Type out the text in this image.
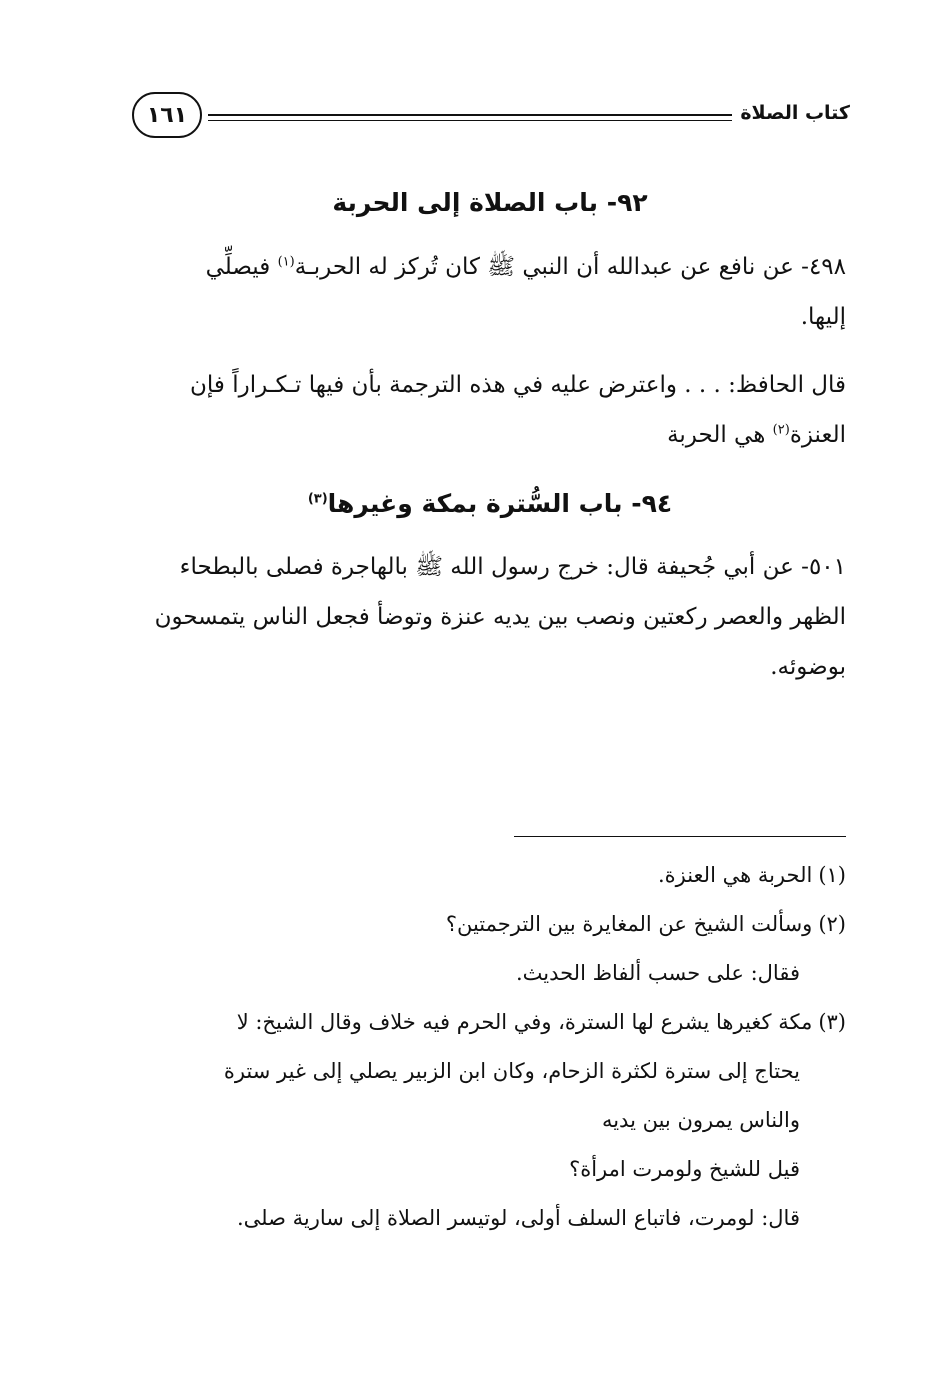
كتاب الصلاة
١٦١
٩٢- باب الصلاة إلى الحربة

٤٩٨- عن نافع عن عبدالله أن النبي ﷺ كان تُركز له الحربـة$^{(١)}$ فيصلِّي
إليها.

قال الحافظ: . . . واعترض عليه في هذه الترجمة بأن فيها تـكـراراً فإن
العنزة$^{(٢)}$ هي الحربة

٩٤- باب السُّترة بمكة وغيرها$^{(٣)}$

٥٠١- عن أبي جُحيفة قال: خرج رسول الله ﷺ بالهاجرة فصلى بالبطحاء
الظهر والعصر ركعتين ونصب بين يديه عنزة وتوضأ فجعل الناس يتمسحون
بوضوئه.

(١)الحربة هي العنزة.

(٢)وسألت الشيخ عن المغايرة بين الترجمتين؟

فقال: على حسب ألفاظ الحديث.

(٣)مكة كغيرها يشرع لها السترة، وفي الحرم فيه خلاف وقال الشيخ: لا

يحتاج إلى سترة لكثرة الزحام، وكان ابن الزبير يصلي إلى غير سترة

والناس يمرون بين يديه

قيل للشيخ ولومرت امرأة؟

قال: لومرت، فاتباع السلف أولى، لوتيسر الصلاة إلى سارية صلى.
